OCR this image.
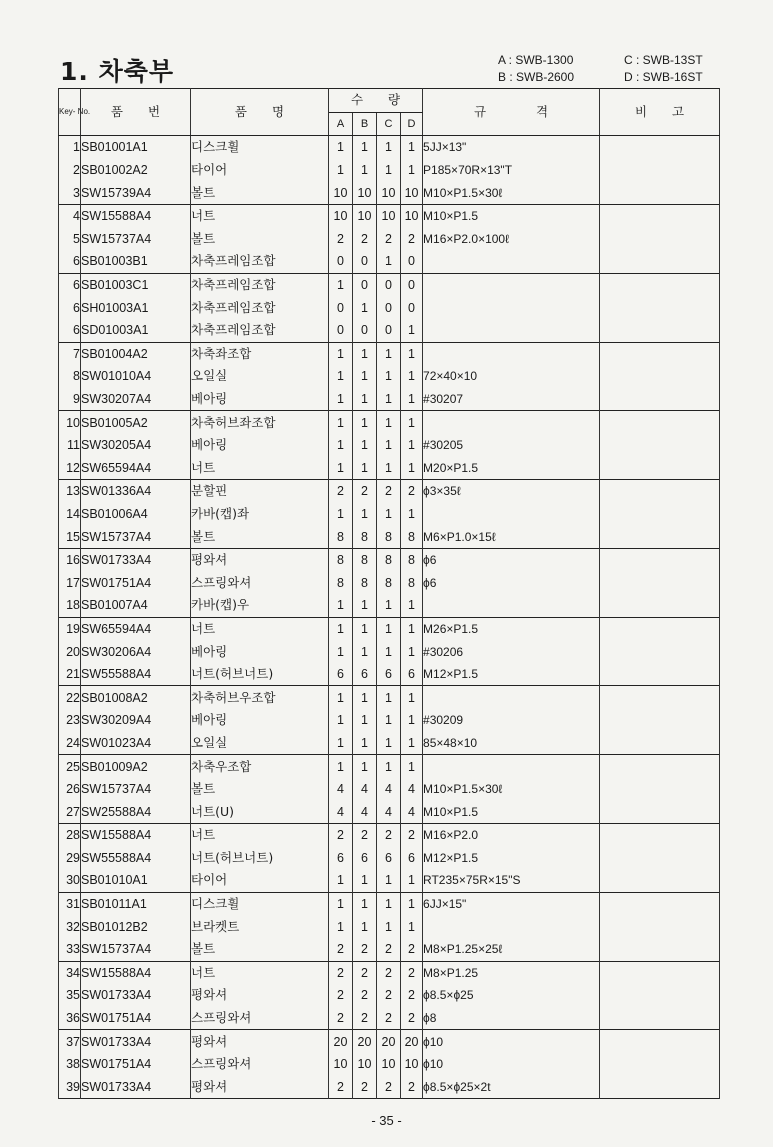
1. 차축부	A : SWB-1300
B : SWB-2600
C : SWB-13ST
D : SWB-16ST
Key- No.	품　　번	품　　명	수　　량				규　　　　격	비　　고
			A	B	C	D		
1	SB01001A1	디스크휠	1	1	1	1	5JJ×13"	
2	SB01002A2	타이어	1	1	1	1	P185×70R×13"T	
3	SW15739A4	볼트	10	10	10	10	M10×P1.5×30ℓ	
4	SW15588A4	너트	10	10	10	10	M10×P1.5	
5	SW15737A4	볼트	2	2	2	2	M16×P2.0×100ℓ	
6	SB01003B1	차축프레임조합	0	0	1	0		
6	SB01003C1	차축프레임조합	1	0	0	0		
6	SH01003A1	차축프레임조합	0	1	0	0		
6	SD01003A1	차축프레임조합	0	0	0	1		
7	SB01004A2	차축좌조합	1	1	1	1		
8	SW01010A4	오일실	1	1	1	1	72×40×10	
9	SW30207A4	베아링	1	1	1	1	#30207	
10	SB01005A2	차축허브좌조합	1	1	1	1		
11	SW30205A4	베아링	1	1	1	1	#30205	
12	SW65594A4	너트	1	1	1	1	M20×P1.5	
13	SW01336A4	분할핀	2	2	2	2	ϕ3×35ℓ	
14	SB01006A4	카바(캡)좌	1	1	1	1		
15	SW15737A4	볼트	8	8	8	8	M6×P1.0×15ℓ	
16	SW01733A4	평와셔	8	8	8	8	ϕ6	
17	SW01751A4	스프링와셔	8	8	8	8	ϕ6	
18	SB01007A4	카바(캡)우	1	1	1	1		
19	SW65594A4	너트	1	1	1	1	M26×P1.5	
20	SW30206A4	베아링	1	1	1	1	#30206	
21	SW55588A4	너트(허브너트)	6	6	6	6	M12×P1.5	
22	SB01008A2	차축허브우조합	1	1	1	1		
23	SW30209A4	베아링	1	1	1	1	#30209	
24	SW01023A4	오일실	1	1	1	1	85×48×10	
25	SB01009A2	차축우조합	1	1	1	1		
26	SW15737A4	볼트	4	4	4	4	M10×P1.5×30ℓ	
27	SW25588A4	너트(U)	4	4	4	4	M10×P1.5	
28	SW15588A4	너트	2	2	2	2	M16×P2.0	
29	SW55588A4	너트(허브너트)	6	6	6	6	M12×P1.5	
30	SB01010A1	타이어	1	1	1	1	RT235×75R×15"S	
31	SB01011A1	디스크휠	1	1	1	1	6JJ×15"	
32	SB01012B2	브라켓트	1	1	1	1		
33	SW15737A4	볼트	2	2	2	2	M8×P1.25×25ℓ	
34	SW15588A4	너트	2	2	2	2	M8×P1.25	
35	SW01733A4	평와셔	2	2	2	2	ϕ8.5×ϕ25	
36	SW01751A4	스프링와셔	2	2	2	2	ϕ8	
37	SW01733A4	평와셔	20	20	20	20	ϕ10	
38	SW01751A4	스프링와셔	10	10	10	10	ϕ10	
39	SW01733A4	평와셔	2	2	2	2	ϕ8.5×ϕ25×2t	
- 35 -
